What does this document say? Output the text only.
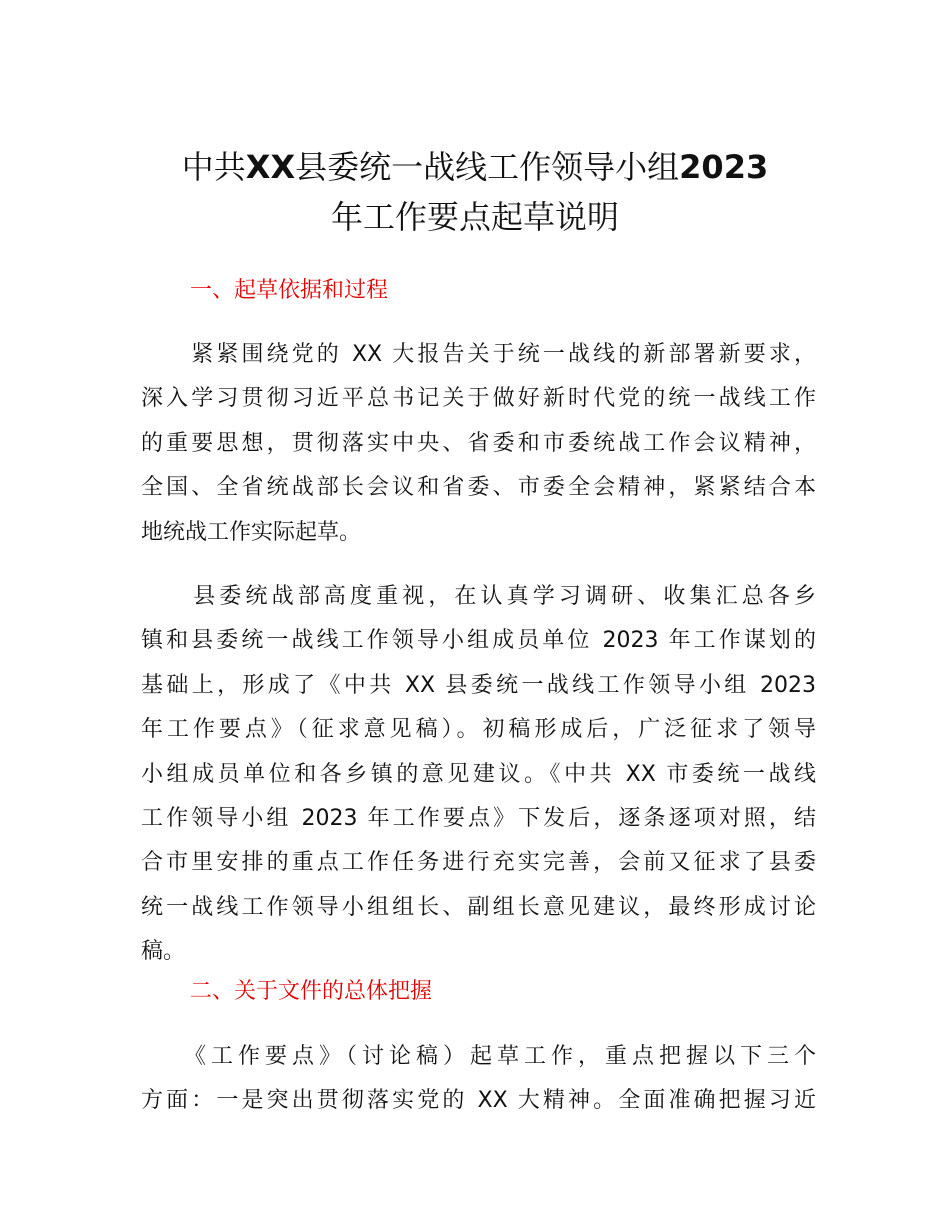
中共XX县委统一战线工作领导小组2023
年工作要点起草说明
一、起草依据和过程

　　紧紧围绕党的 XX 大报告关于统一战线的新部署新要求，
深入学习贯彻习近平总书记关于做好新时代党的统一战线工作
的重要思想，贯彻落实中央、省委和市委统战工作会议精神，
全国、全省统战部长会议和省委、市委全会精神，紧紧结合本
地统战工作实际起草。

　　县委统战部高度重视，在认真学习调研、收集汇总各乡
镇和县委统一战线工作领导小组成员单位 2023 年工作谋划的
基础上，形成了《中共 XX 县委统一战线工作领导小组 2023
年工作要点》（征求意见稿）。初稿形成后，广泛征求了领导
小组成员单位和各乡镇的意见建议。《中共 XX 市委统一战线
工作领导小组 2023 年工作要点》下发后，逐条逐项对照，结
合市里安排的重点工作任务进行充实完善，会前又征求了县委
统一战线工作领导小组组长、副组长意见建议，最终形成讨论
稿。

二、关于文件的总体把握

　　《工作要点》（讨论稿）起草工作，重点把握以下三个
方面：一是突出贯彻落实党的 XX 大精神。全面准确把握习近
